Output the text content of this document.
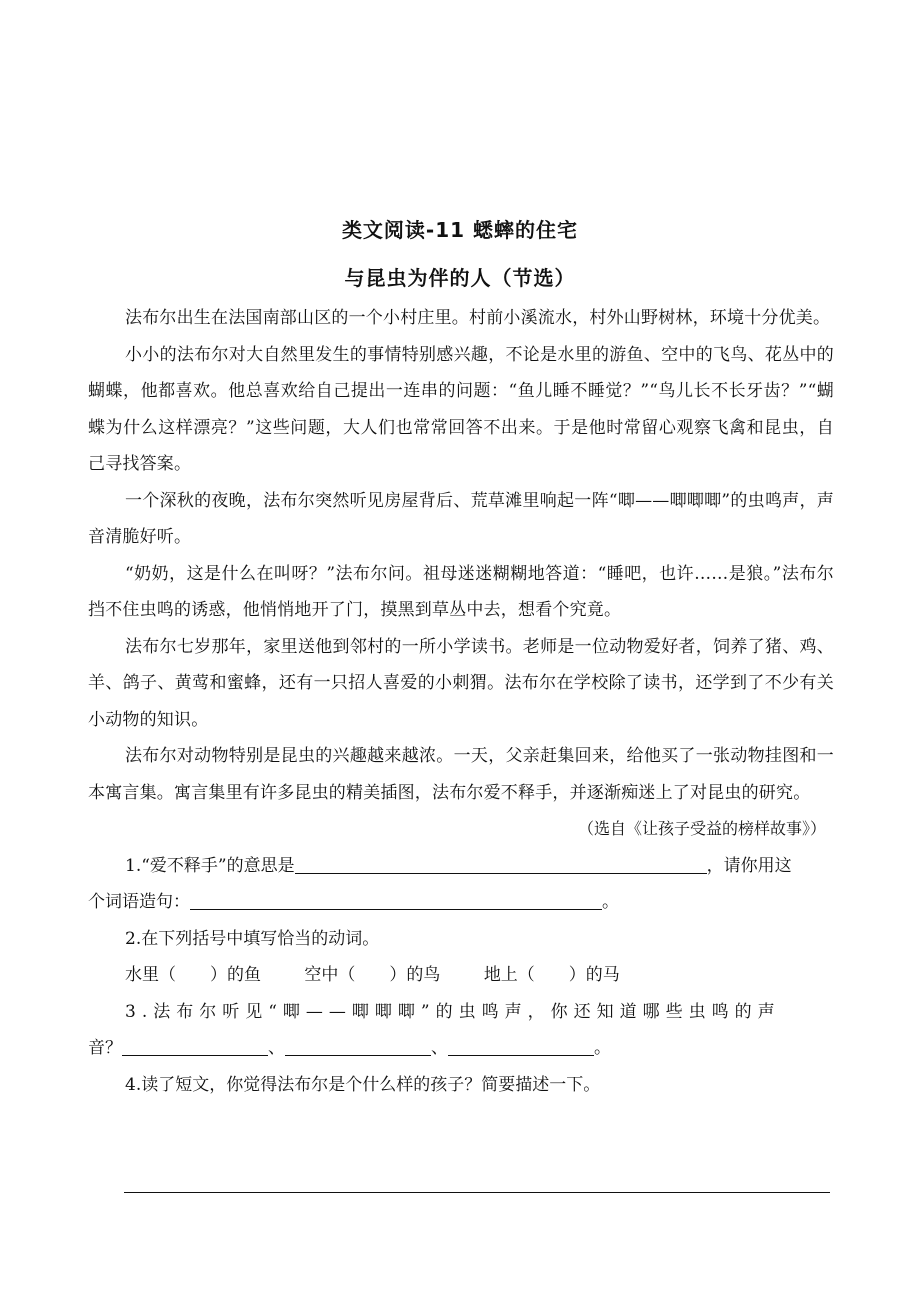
类文阅读-11 蟋蟀的住宅
与昆虫为伴的人（节选）

法布尔出生在法国南部山区的一个小村庄里。村前小溪流水，村外山野树林，环境十分优美。

小小的法布尔对大自然里发生的事情特别感兴趣，不论是水里的游鱼、空中的飞鸟、花丛中的蝴蝶，他都喜欢。他总喜欢给自己提出一连串的问题：“鱼儿睡不睡觉？”“鸟儿长不长牙齿？”“蝴蝶为什么这样漂亮？”这些问题，大人们也常常回答不出来。于是他时常留心观察飞禽和昆虫，自己寻找答案。

一个深秋的夜晚，法布尔突然听见房屋背后、荒草滩里响起一阵“唧——唧唧唧”的虫鸣声，声音清脆好听。

“奶奶，这是什么在叫呀？”法布尔问。祖母迷迷糊糊地答道：“睡吧，也许……是狼。”法布尔挡不住虫鸣的诱惑，他悄悄地开了门，摸黑到草丛中去，想看个究竟。

法布尔七岁那年，家里送他到邻村的一所小学读书。老师是一位动物爱好者，饲养了猪、鸡、羊、鸽子、黄莺和蜜蜂，还有一只招人喜爱的小刺猬。法布尔在学校除了读书，还学到了不少有关小动物的知识。

法布尔对动物特别是昆虫的兴趣越来越浓。一天，父亲赶集回来，给他买了一张动物挂图和一本寓言集。寓言集里有许多昆虫的精美插图，法布尔爱不释手，并逐渐痴迷上了对昆虫的研究。

（选自《让孩子受益的榜样故事》）

1.“爱不释手”的意思是	，请你用这

个词语造句：	。

2.在下列括号中填写恰当的动词。

水里（　　）的鱼	空中（　　）的鸟	地上（　　）的马

3.法布尔听见“唧——唧唧唧”的虫鸣声，你还知道哪些虫鸣的声

音？	、	、	。

4.读了短文，你觉得法布尔是个什么样的孩子？简要描述一下。
